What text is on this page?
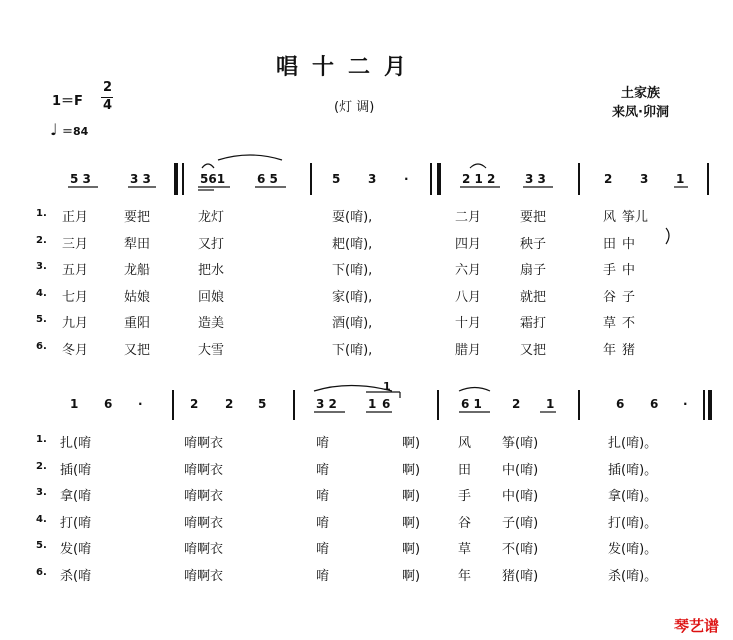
唱十二月
(灯 调)
土家族
来凤·卯洞
1＝F
2
4
♩ ＝84
5 3	3 3	561	6 5	5 3 ·	2 1 2 3 3	2 3 1
1. 正月	要把	龙灯	耍(唷),	二月	要把	风 筝儿
2. 三月	犁田	又打	耙(唷),	四月	秧子	田 中
3. 五月	龙船	把水	下(唷),	六月	扇子	手 中
4. 七月	姑娘	回娘	家(唷),	八月	就把	谷 子
5. 九月	重阳	造美	酒(唷),	十月	霜打	草 不
6. 冬月	又把	大雪	下(唷),	腊月	又把	年 猪
1 6 ·	2 2 5	3 2	1 6
1
6 1	2 1	6 6 ·
1. 扎(唷	唷啊衣	唷	啊)	风 筝(唷)	扎(唷)。
2. 插(唷	唷啊衣	唷	啊)	田 中(唷)	插(唷)。
3. 拿(唷	唷啊衣	唷	啊)	手 中(唷)	拿(唷)。
4. 打(唷	唷啊衣	唷	啊)	谷 子(唷)	打(唷)。
5. 发(唷	唷啊衣	唷	啊)	草 不(唷)	发(唷)。
6. 杀(唷	唷啊衣	唷	啊)	年 猪(唷)	杀(唷)。
琴艺谱
